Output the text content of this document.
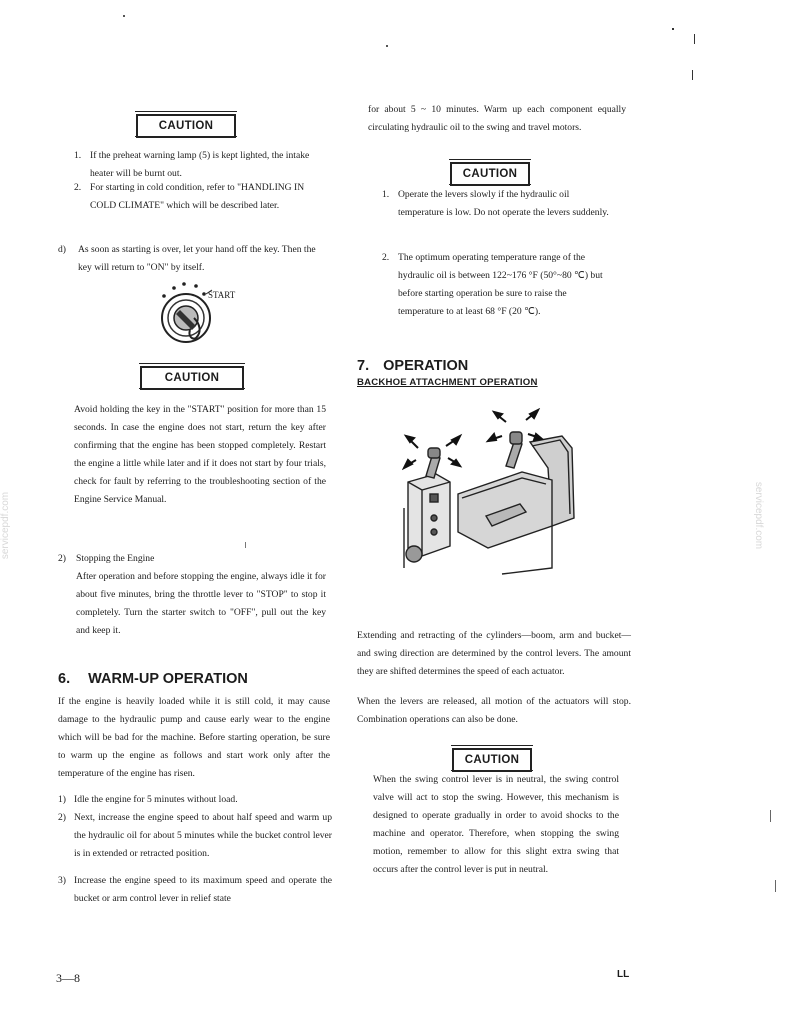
CAUTION
1. If the preheat warning lamp (5) is kept lighted, the intake heater will be burnt out.
2. For starting in cold condition, refer to "HANDLING IN COLD CLIMATE" which will be described later.
d) As soon as starting is over, let your hand off the key. Then the key will return to "ON" by itself.
START
CAUTION
Avoid holding the key in the "START" position for more than 15 seconds. In case the engine does not start, return the key after confirming that the engine has been stopped completely. Restart the engine a little while later and if it does not start by four trials, check for fault by referring to the troubleshooting section of the Engine Service Manual.
2) Stopping the Engine
After operation and before stopping the engine, always idle it for about five minutes, bring the throttle lever to "STOP" to stop it completely. Turn the starter switch to "OFF", pull out the key and keep it.
6. WARM-UP OPERATION
If the engine is heavily loaded while it is still cold, it may cause damage to the hydraulic pump and cause early wear to the engine which will be bad for the machine. Before starting operation, be sure to warm up the engine as follows and start work only after the temperature of the engine has risen.
1) Idle the engine for 5 minutes without load.
2) Next, increase the engine speed to about half speed and warm up the hydraulic oil for about 5 minutes while the bucket control lever is in extended or retracted position.
3) Increase the engine speed to its maximum speed and operate the bucket or arm control lever in relief state
for about 5 ~ 10 minutes. Warm up each component equally circulating hydraulic oil to the swing and travel motors.
CAUTION
1. Operate the levers slowly if the hydraulic oil temperature is low. Do not operate the levers suddenly.
2. The optimum operating temperature range of the hydraulic oil is between 122~176 °F (50°~80 ℃) but before starting operation be sure to raise the temperature to at least 68 °F (20 ℃).
7. OPERATION
BACKHOE ATTACHMENT OPERATION
Extending and retracting of the cylinders—boom, arm and bucket—and swing direction are determined by the control levers. The amount they are shifted determines the speed of each actuator.
When the levers are released, all motion of the actuators will stop. Combination operations can also be done.
CAUTION
When the swing control lever is in neutral, the swing control valve will act to stop the swing. However, this mechanism is designed to operate gradually in order to avoid shocks to the machine and operator. Therefore, when stopping the swing motion, remember to allow for this slight extra swing that occurs after the control lever is put in neutral.
3—8	LL
servicepdf.com	servicepdf.com
